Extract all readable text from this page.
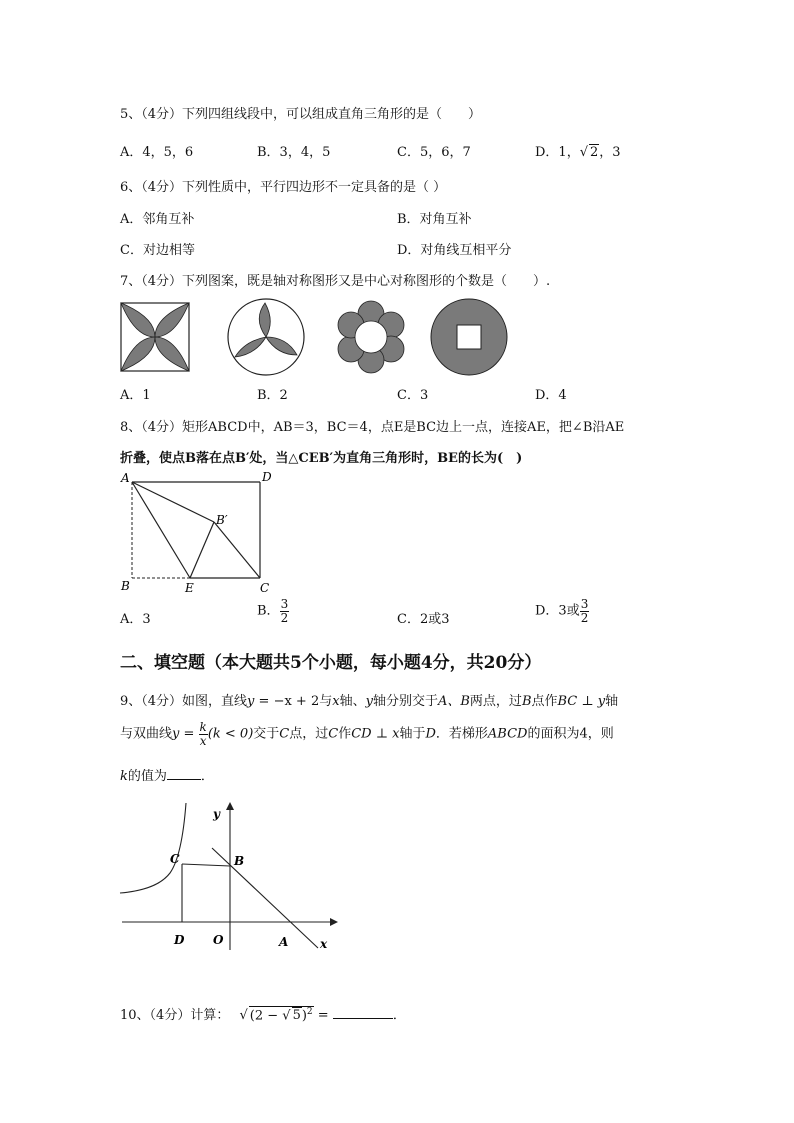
5、（4分）下列四组线段中，可以组成直角三角形的是（　　）
A．4，5，6	B．3，4，5	C．5，6，7	D．1，√ 2，3
6、（4分）下列性质中，平行四边形不一定具备的是（ ）
A．邻角互补	B．对角互补
C．对边相等	D．对角线互相平分
7、（4分）下列图案，既是轴对称图形又是中心对称图形的个数是（　　）.
A．1	B．2	C．3	D．4
8、（4分）矩形ABCD中，AB＝3，BC＝4，点E是BC边上一点，连接AE，把∠B沿AE
折叠，使点B落在点B′处，当△CEB′为直角三角形时，BE的长为(　)
A	D
B	E	C
B′
A．3
B． $\frac{3}{2}$	C．2或3
D．3或 $\frac{3}{2}$
二、填空题（本大题共5个小题，每小题4分，共20分）
9、（4分）如图，直线y = −x + 2与x轴、y轴分别交于A、B两点，过B点作BC ⊥ y轴
与双曲线$y = \frac{k}{x} (k < 0)$交于C点，过C作CD ⊥ x轴于D．若梯形ABCD的面积为4，则
k的值为	．
y
x
C	B
D O	A
10、（4分）计算： √ (2 − √ 5)$^2$ =	．
